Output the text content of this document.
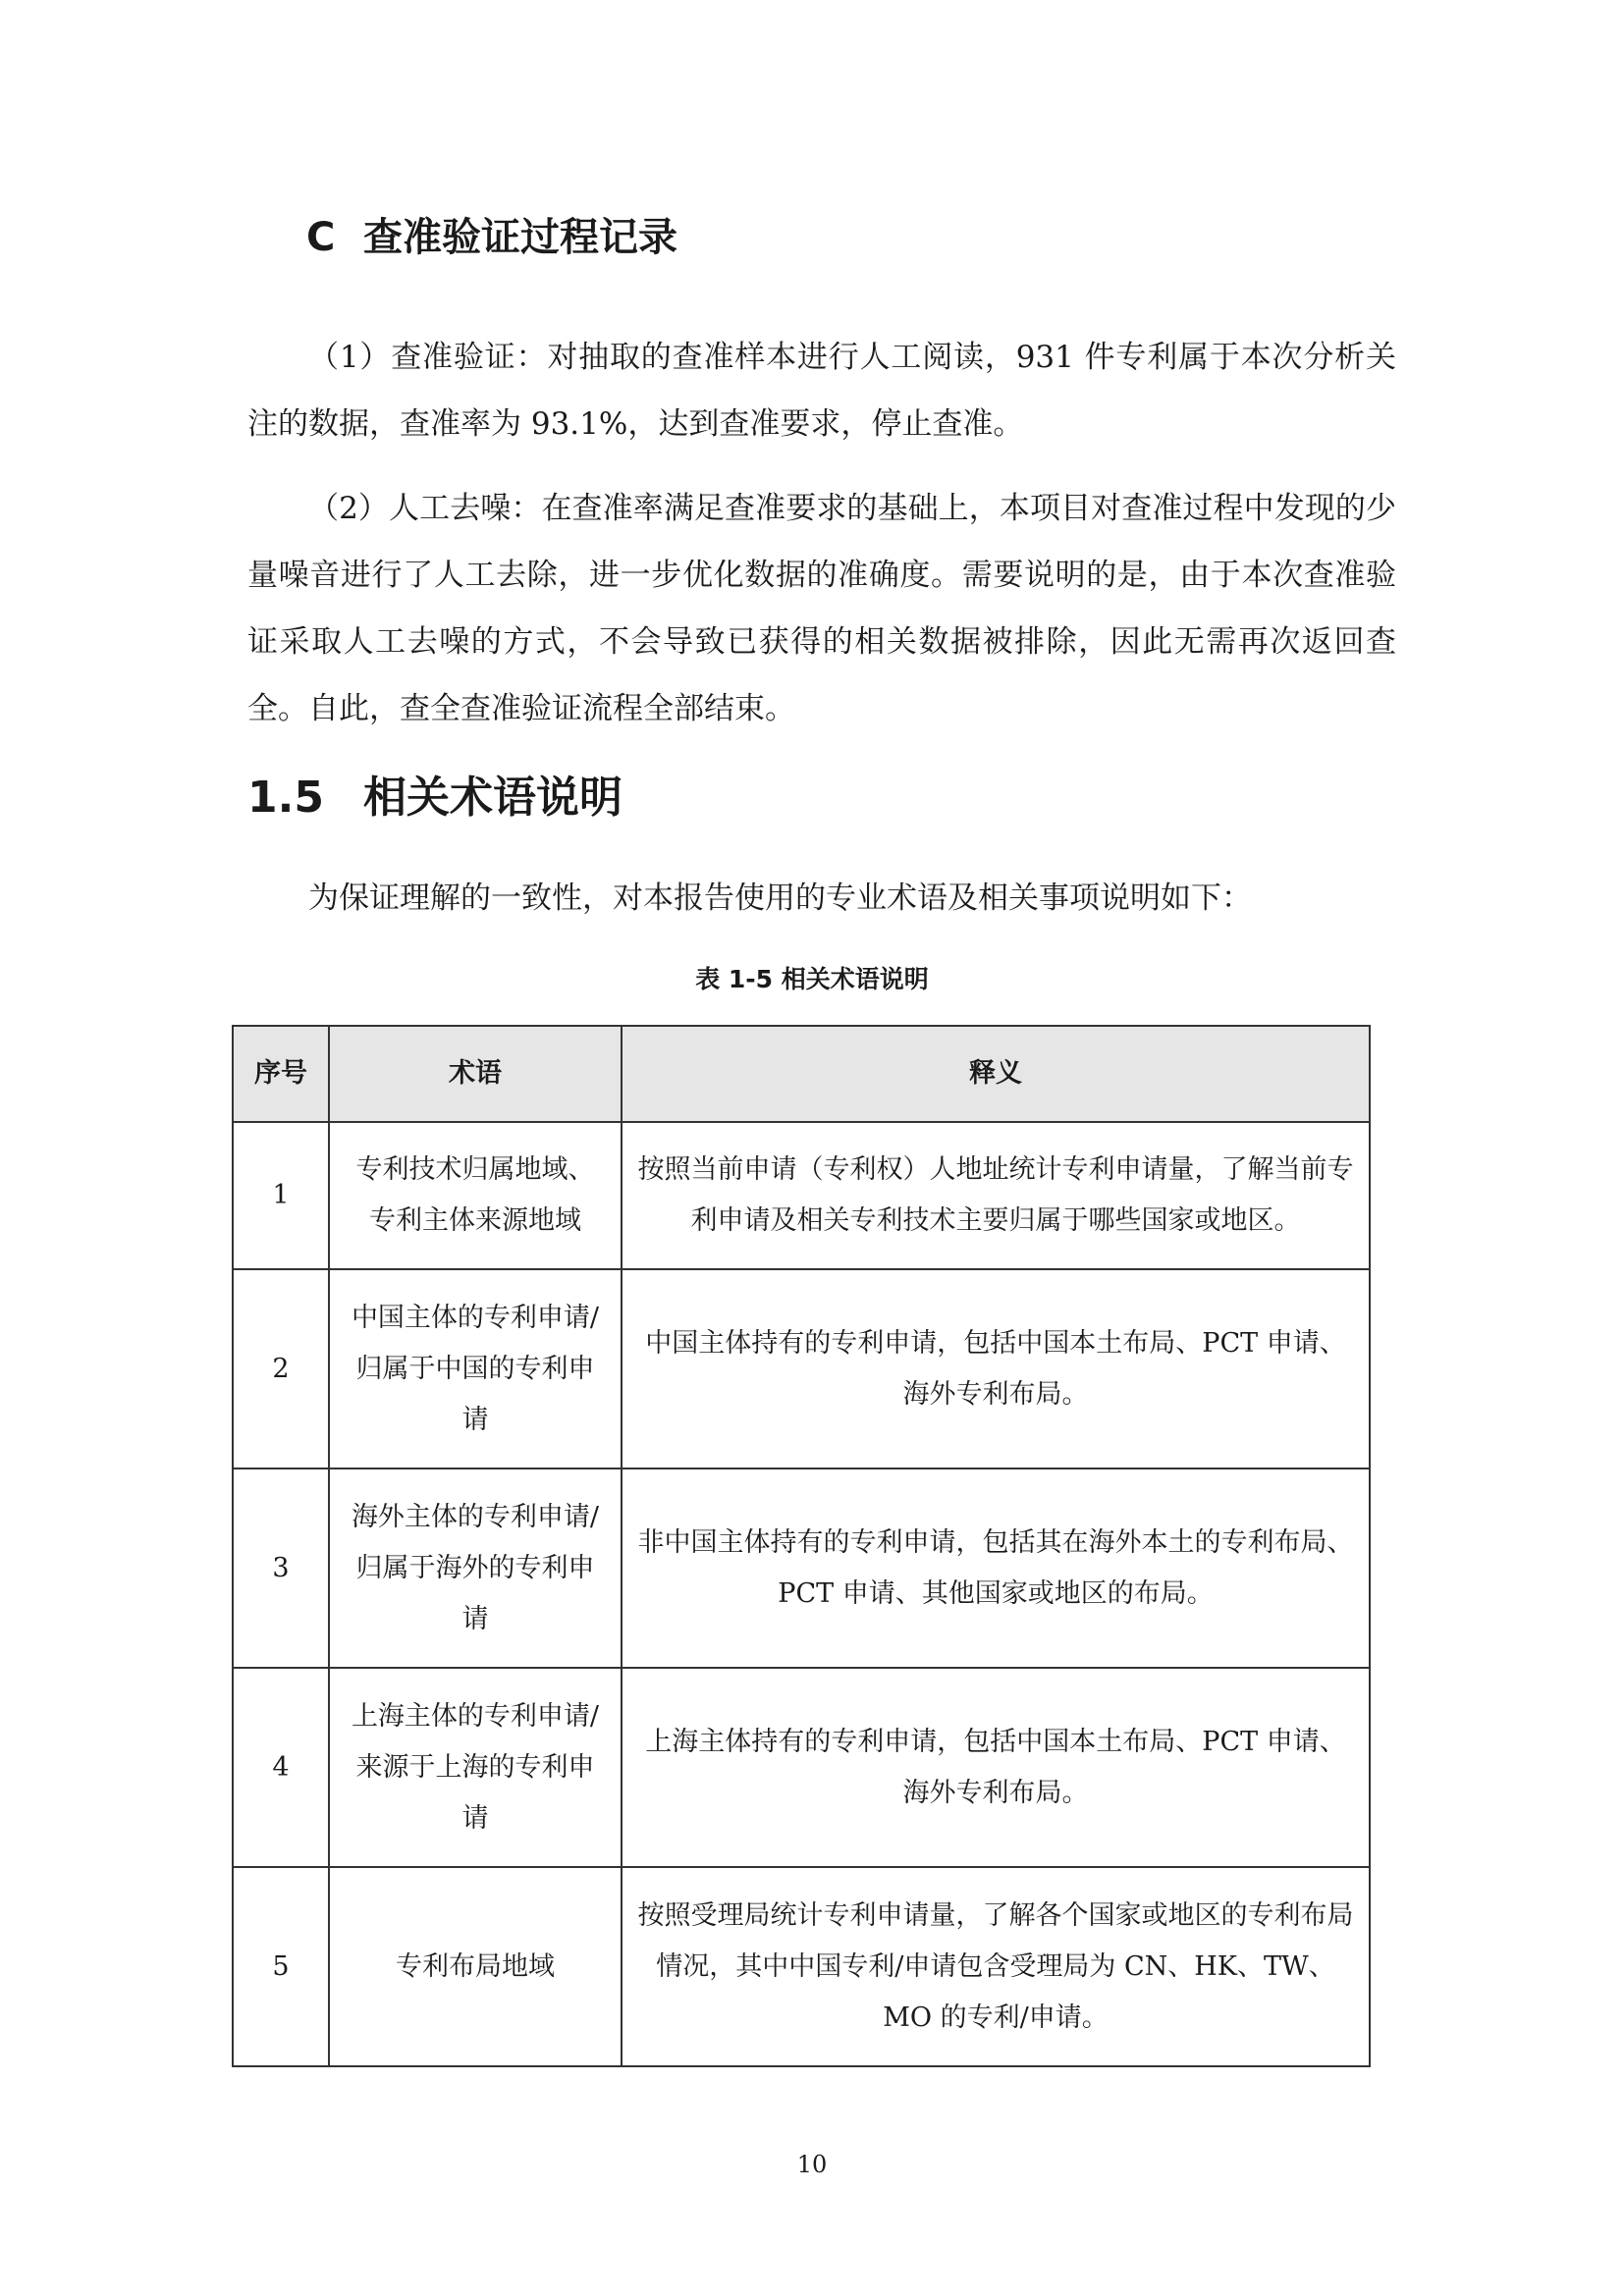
C 查准验证过程记录

（1）查准验证：对抽取的查准样本进行人工阅读，931 件专利属于本次分析关注的数据，查准率为 93.1%，达到查准要求，停止查准。

（2）人工去噪：在查准率满足查准要求的基础上，本项目对查准过程中发现的少量噪音进行了人工去除，进一步优化数据的准确度。需要说明的是，由于本次查准验证采取人工去噪的方式，不会导致已获得的相关数据被排除，因此无需再次返回查全。自此，查全查准验证流程全部结束。

1.5 相关术语说明

为保证理解的一致性，对本报告使用的专业术语及相关事项说明如下：

表 1-5 相关术语说明

序号	术语	释义
1	专利技术归属地域、专利主体来源地域	按照当前申请（专利权）人地址统计专利申请量，了解当前专利申请及相关专利技术主要归属于哪些国家或地区。
2	中国主体的专利申请/归属于中国的专利申请	中国主体持有的专利申请，包括中国本土布局、PCT 申请、海外专利布局。
3	海外主体的专利申请/归属于海外的专利申请	非中国主体持有的专利申请，包括其在海外本土的专利布局、PCT 申请、其他国家或地区的布局。
4	上海主体的专利申请/来源于上海的专利申请	上海主体持有的专利申请，包括中国本土布局、PCT 申请、海外专利布局。
5	专利布局地域	按照受理局统计专利申请量，了解各个国家或地区的专利布局情况，其中中国专利/申请包含受理局为 CN、HK、TW、MO 的专利/申请。

10
